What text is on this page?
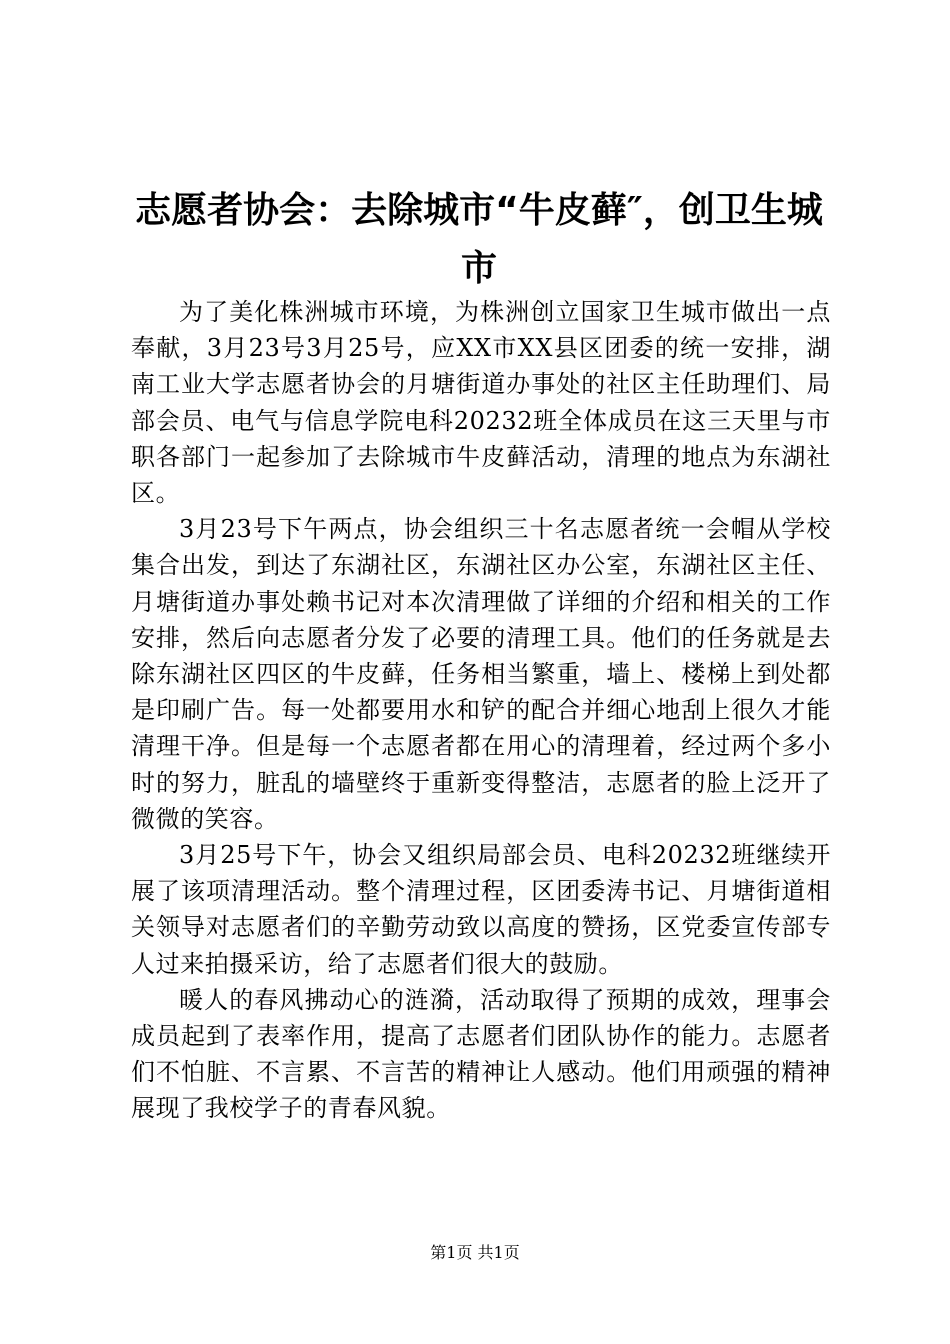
志愿者协会：去除城市“牛皮藓″，创卫生城市

为了美化株洲城市环境，为株洲创立国家卫生城市做出一点奉献，3月23号3月25号，应XX市XX县区团委的统一安排，湖南工业大学志愿者协会的月塘街道办事处的社区主任助理们、局部会员、电气与信息学院电科20232班全体成员在这三天里与市职各部门一起参加了去除城市牛皮藓活动，清理的地点为东湖社区。

3月23号下午两点，协会组织三十名志愿者统一会帽从学校集合出发，到达了东湖社区，东湖社区办公室，东湖社区主任、月塘街道办事处赖书记对本次清理做了详细的介绍和相关的工作安排，然后向志愿者分发了必要的清理工具。他们的任务就是去除东湖社区四区的牛皮藓，任务相当繁重，墙上、楼梯上到处都是印刷广告。每一处都要用水和铲的配合并细心地刮上很久才能清理干净。但是每一个志愿者都在用心的清理着，经过两个多小时的努力，脏乱的墙壁终于重新变得整洁，志愿者的脸上泛开了微微的笑容。

3月25号下午，协会又组织局部会员、电科20232班继续开展了该项清理活动。整个清理过程，区团委涛书记、月塘街道相关领导对志愿者们的辛勤劳动致以高度的赞扬，区党委宣传部专人过来拍摄采访，给了志愿者们很大的鼓励。

暖人的春风拂动心的涟漪，活动取得了预期的成效，理事会成员起到了表率作用，提高了志愿者们团队协作的能力。志愿者们不怕脏、不言累、不言苦的精神让人感动。他们用顽强的精神展现了我校学子的青春风貌。

第1页 共1页
